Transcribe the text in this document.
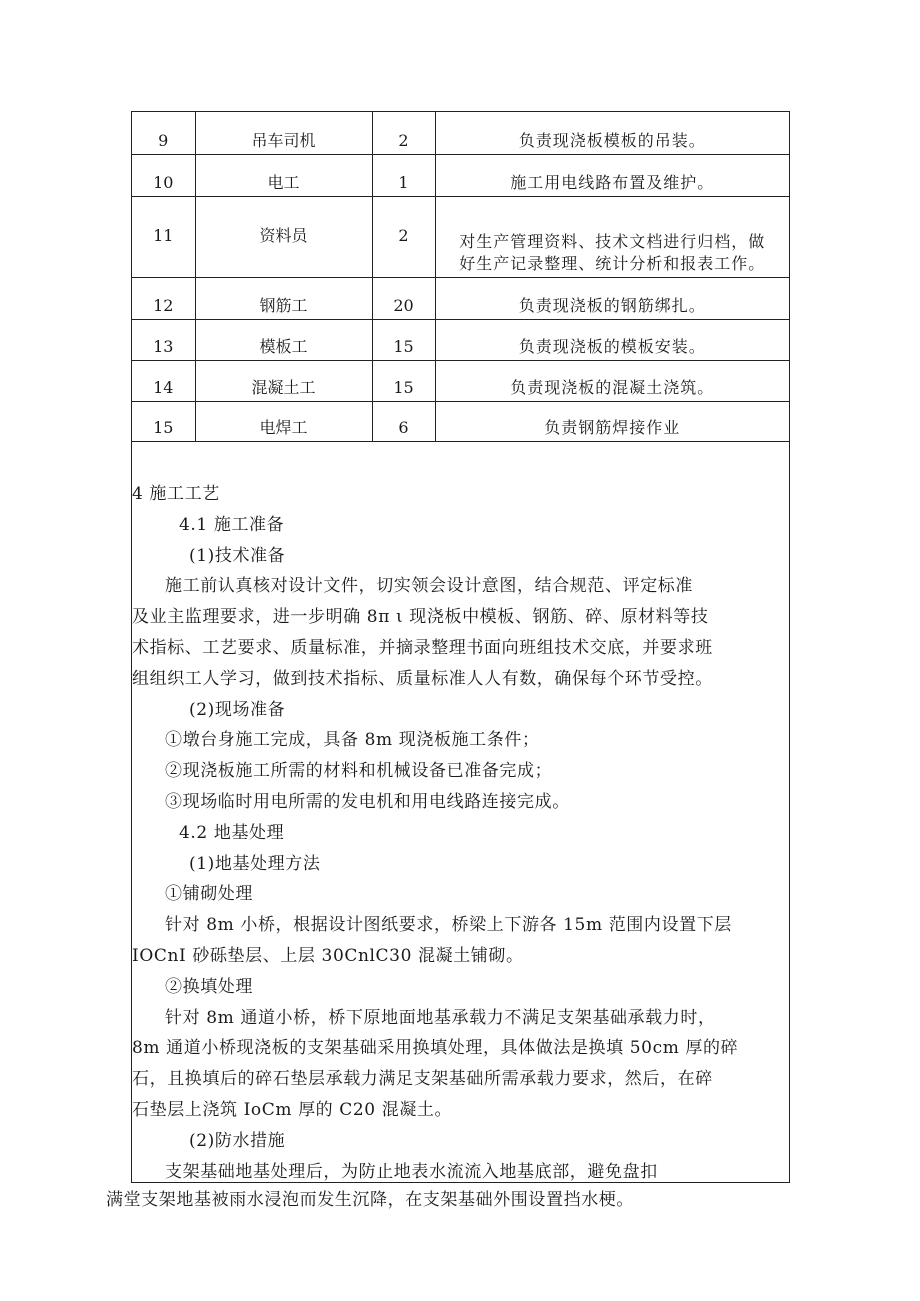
9	吊车司机	2	负责现浇板模板的吊装。
10	电工	1	施工用电线路布置及维护。
11	资料员	2	对生产管理资料、技术文档进行归档，做
好生产记录整理、统计分析和报表工作。

12	钢筋工	20	负责现浇板的钢筋绑扎。
13	模板工	15	负责现浇板的模板安装。
14	混凝土工	15	负责现浇板的混凝土浇筑。
15	电焊工	6	负责钢筋焊接作业

4 施工工艺

4.1 施工准备

(1)技术准备

施工前认真核对设计文件，切实领会设计意图，结合规范、评定标准

及业主监理要求，进一步明确 8π ι 现浇板中模板、钢筋、碎、原材料等技

术指标、工艺要求、质量标准，并摘录整理书面向班组技术交底，并要求班

组组织工人学习，做到技术指标、质量标准人人有数，确保每个环节受控。

(2)现场准备

①墩台身施工完成，具备 8m 现浇板施工条件；

②现浇板施工所需的材料和机械设备已准备完成；

③现场临时用电所需的发电机和用电线路连接完成。

4.2 地基处理

(1)地基处理方法

①铺砌处理

针对 8m 小桥，根据设计图纸要求，桥梁上下游各 15m 范围内设置下层

IOCnI 砂砾垫层、上层 30CnlC30 混凝土铺砌。

②换填处理

针对 8m 通道小桥，桥下原地面地基承载力不满足支架基础承载力时，

8m 通道小桥现浇板的支架基础采用换填处理，具体做法是换填 50cm 厚的碎

石，且换填后的碎石垫层承载力满足支架基础所需承载力要求，然后，在碎

石垫层上浇筑 IoCm 厚的 C20 混凝土。

(2)防水措施

支架基础地基处理后，为防止地表水流流入地基底部，避免盘扣

满堂支架地基被雨水浸泡而发生沉降，在支架基础外围设置挡水梗。
